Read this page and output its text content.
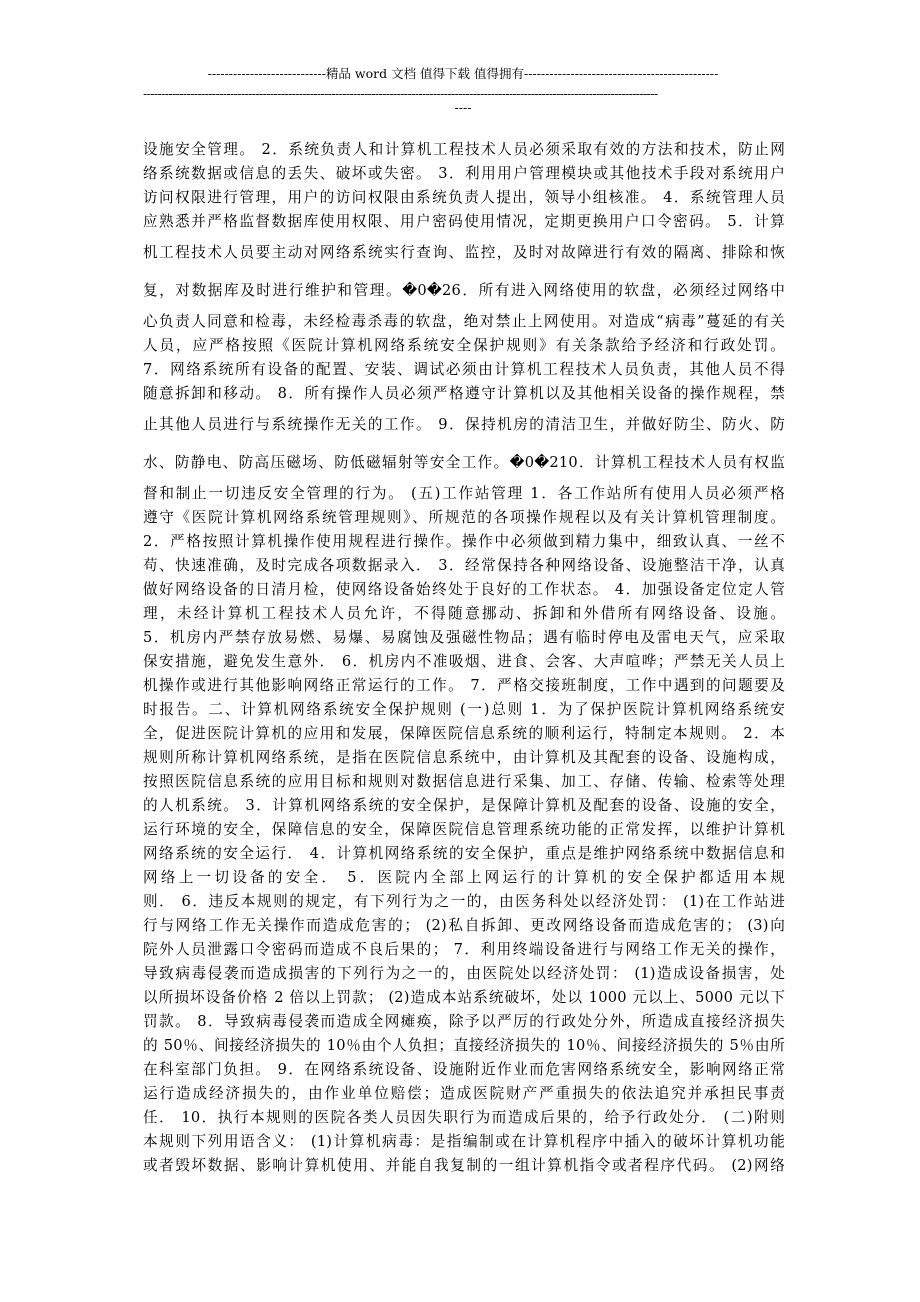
----------------------------精品 word 文档 值得下载 值得拥有----------------------------------------------
----------------------------------------------------------------------------------------------------------------------------------------------
----
设施安全管理。 2．系统负责人和计算机工程技术人员必须采取有效的方法和技术，防止网
络系统数据或信息的丢失、破坏或失密。 3．利用用户管理模块或其他技术手段对系统用户
访问权限进行管理，用户的访问权限由系统负责人提出，领导小组核准。 4．系统管理人员
应熟悉并严格监督数据库使用权限、用户密码使用情况，定期更换用户口令密码。 5．计算
机工程技术人员要主动对网络系统实行查询、监控，及时对故障进行有效的隔离、排除和恢
复，对数据库及时进行维护和管理。�0�26．所有进入网络使用的软盘，必须经过网络中
心负责人同意和检毒，未经检毒杀毒的软盘，绝对禁止上网使用。对造成“病毒”蔓延的有关
人员，应严格按照《医院计算机网络系统安全保护规则》有关条款给予经济和行政处罚。
7．网络系统所有设备的配置、安装、调试必须由计算机工程技术人员负责，其他人员不得
随意拆卸和移动。 8．所有操作人员必须严格遵守计算机以及其他相关设备的操作规程，禁
止其他人员进行与系统操作无关的工作。 9．保持机房的清洁卫生，并做好防尘、防火、防
水、防静电、防高压磁场、防低磁辐射等安全工作。�0�210．计算机工程技术人员有权监
督和制止一切违反安全管理的行为。 (五)工作站管理 1．各工作站所有使用人员必须严格
遵守《医院计算机网络系统管理规则》、所规范的各项操作规程以及有关计算机管理制度。
2．严格按照计算机操作使用规程进行操作。操作中必须做到精力集中，细致认真、一丝不
苟、快速准确，及时完成各项数据录入． 3．经常保持各种网络设备、设施整洁干净，认真
做好网络设备的日清月检，使网络设备始终处于良好的工作状态。 4．加强设备定位定人管
理，未经计算机工程技术人员允许，不得随意挪动、拆卸和外借所有网络设备、设施。
5．机房内严禁存放易燃、易爆、易腐蚀及强磁性物品；遇有临时停电及雷电天气，应采取
保安措施，避免发生意外． 6．机房内不准吸烟、进食、会客、大声喧哗；严禁无关人员上
机操作或进行其他影响网络正常运行的工作。 7．严格交接班制度，工作中遇到的问题要及
时报告。二、计算机网络系统安全保护规则 (一)总则 1．为了保护医院计算机网络系统安
全，促进医院计算机的应用和发展，保障医院信息系统的顺利运行，特制定本规则。 2．本
规则所称计算机网络系统，是指在医院信息系统中，由计算机及其配套的设备、设施构成，
按照医院信息系统的应用目标和规则对数据信息进行采集、加工、存储、传输、检索等处理
的人机系统。 3．计算机网络系统的安全保护，是保障计算机及配套的设备、设施的安全，
运行环境的安全，保障信息的安全，保障医院信息管理系统功能的正常发挥，以维护计算机
网络系统的安全运行． 4．计算机网络系统的安全保护，重点是维护网络系统中数据信息和
网络上一切设备的安全． 5．医院内全部上网运行的计算机的安全保护都适用本规
则． 6．违反本规则的规定，有下列行为之一的，由医务科处以经济处罚： (1)在工作站进
行与网络工作无关操作而造成危害的； (2)私自拆卸、更改网络设备而造成危害的； (3)向
院外人员泄露口令密码而造成不良后果的； 7．利用终端设备进行与网络工作无关的操作，
导致病毒侵袭而造成损害的下列行为之一的，由医院处以经济处罚： (1)造成设备损害，处
以所损坏设备价格 2 倍以上罚款； (2)造成本站系统破坏，处以 1000 元以上、5000 元以下
罚款。 8．导致病毒侵袭而造成全网瘫痪，除予以严厉的行政处分外，所造成直接经济损失
的 50％、间接经济损失的 10％由个人负担；直接经济损失的 10％、间接经济损失的 5％由所
在科室部门负担。 9．在网络系统设备、设施附近作业而危害网络系统安全，影响网络正常
运行造成经济损失的，由作业单位赔偿；造成医院财产严重损失的依法追究并承担民事责
任． 10．执行本规则的医院各类人员因失职行为而造成后果的，给予行政处分． (二)附则
本规则下列用语含义： (1)计算机病毒：是指编制或在计算机程序中插入的破坏计算机功能
或者毁坏数据、影响计算机使用、并能自我复制的一组计算机指令或者程序代码。 (2)网络
